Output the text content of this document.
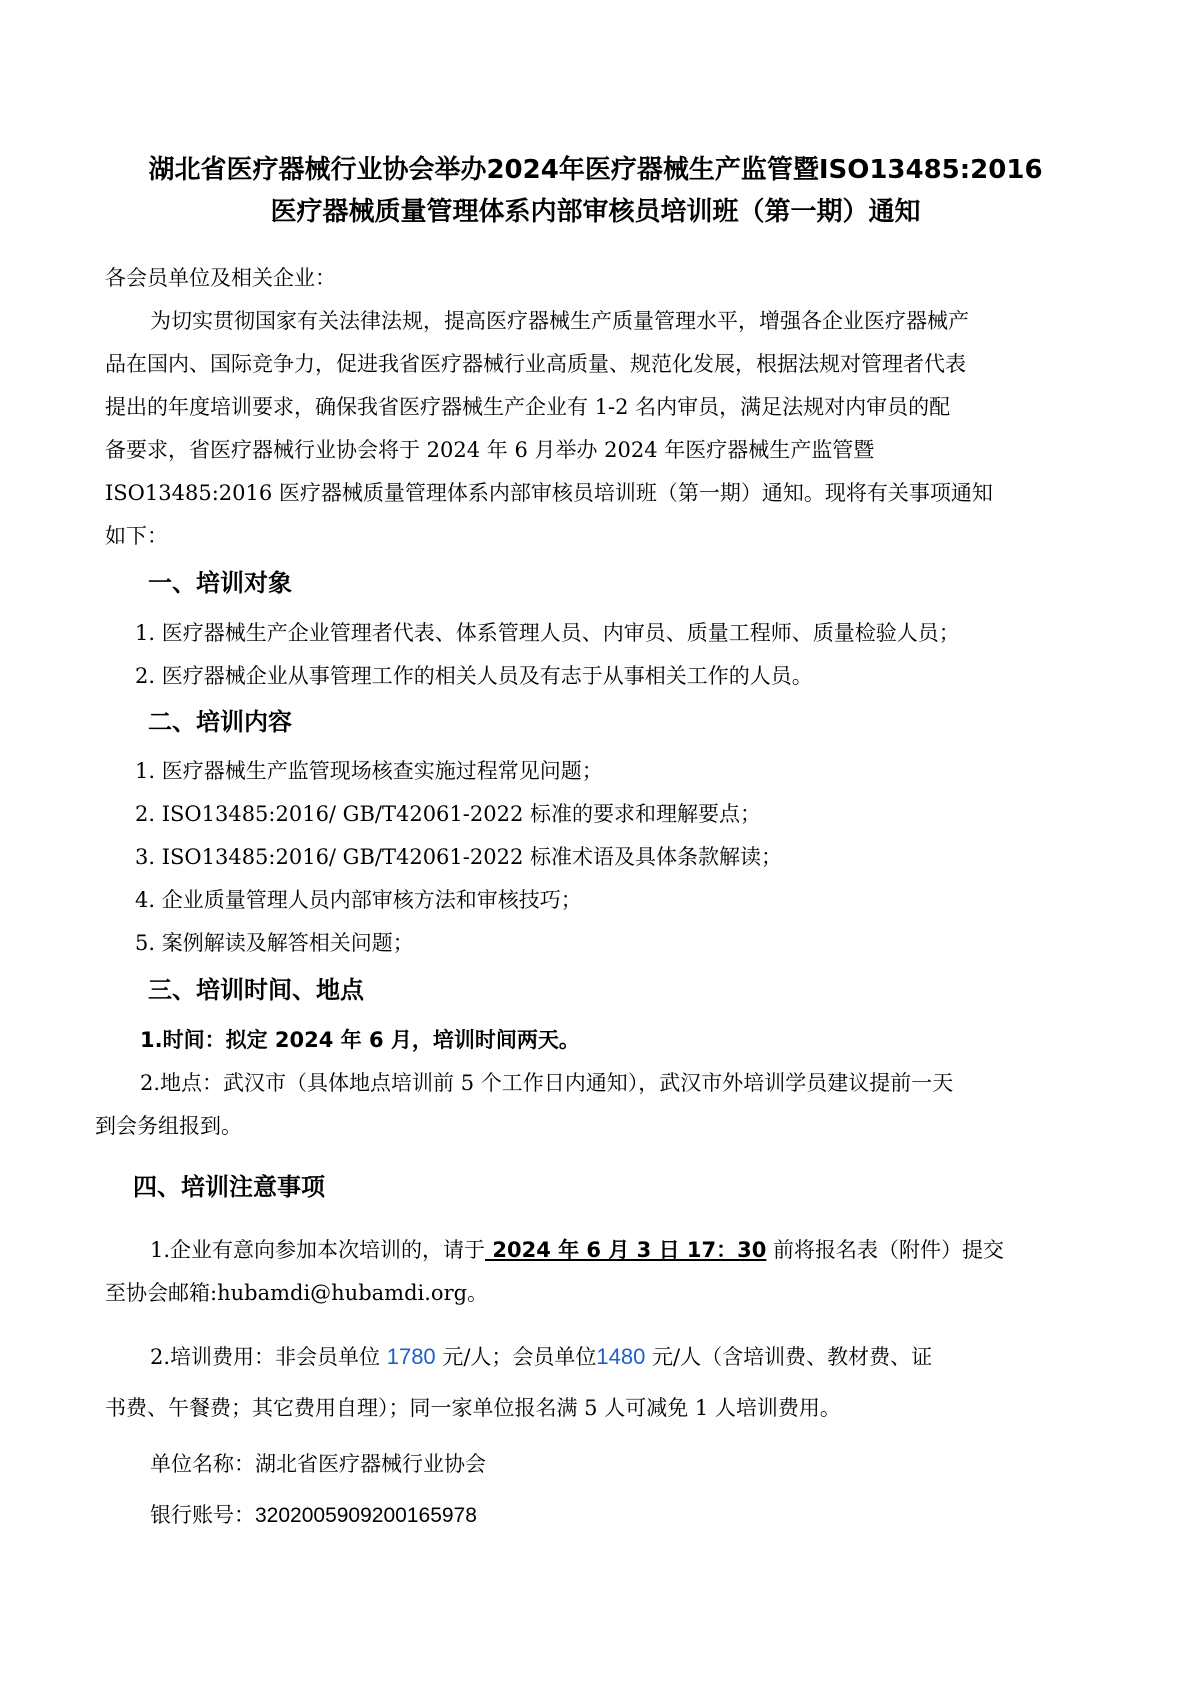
湖北省医疗器械行业协会举办2024年医疗器械生产监管暨ISO13485:2016
医疗器械质量管理体系内部审核员培训班（第一期）通知
各会员单位及相关企业：
为切实贯彻国家有关法律法规，提高医疗器械生产质量管理水平，增强各企业医疗器械产
品在国内、国际竞争力，促进我省医疗器械行业高质量、规范化发展，根据法规对管理者代表
提出的年度培训要求，确保我省医疗器械生产企业有 1-2 名内审员，满足法规对内审员的配
备要求，省医疗器械行业协会将于 2024 年 6 月举办 2024 年医疗器械生产监管暨
ISO13485:2016 医疗器械质量管理体系内部审核员培训班（第一期）通知。现将有关事项通知
如下：
一、培训对象
1. 医疗器械生产企业管理者代表、体系管理人员、内审员、质量工程师、质量检验人员；
2. 医疗器械企业从事管理工作的相关人员及有志于从事相关工作的人员。
二、培训内容
1. 医疗器械生产监管现场核查实施过程常见问题；
2. ISO13485:2016/ GB/T42061-2022 标准的要求和理解要点；
3. ISO13485:2016/ GB/T42061-2022 标准术语及具体条款解读；
4. 企业质量管理人员内部审核方法和审核技巧；
5. 案例解读及解答相关问题；
三、培训时间、地点
1.时间：拟定 2024 年 6 月，培训时间两天。
2.地点：武汉市（具体地点培训前 5 个工作日内通知），武汉市外培训学员建议提前一天
到会务组报到。
四、培训注意事项
1.企业有意向参加本次培训的，请于 2024 年 6 月 3 日 17：30 前将报名表（附件）提交
至协会邮箱:hubamdi@hubamdi.org。
2.培训费用：非会员单位 1780 元/人；会员单位1480 元/人（含培训费、教材费、证
书费、午餐费；其它费用自理）；同一家单位报名满 5 人可减免 1 人培训费用。
单位名称：湖北省医疗器械行业协会
银行账号：3202005909200165978
